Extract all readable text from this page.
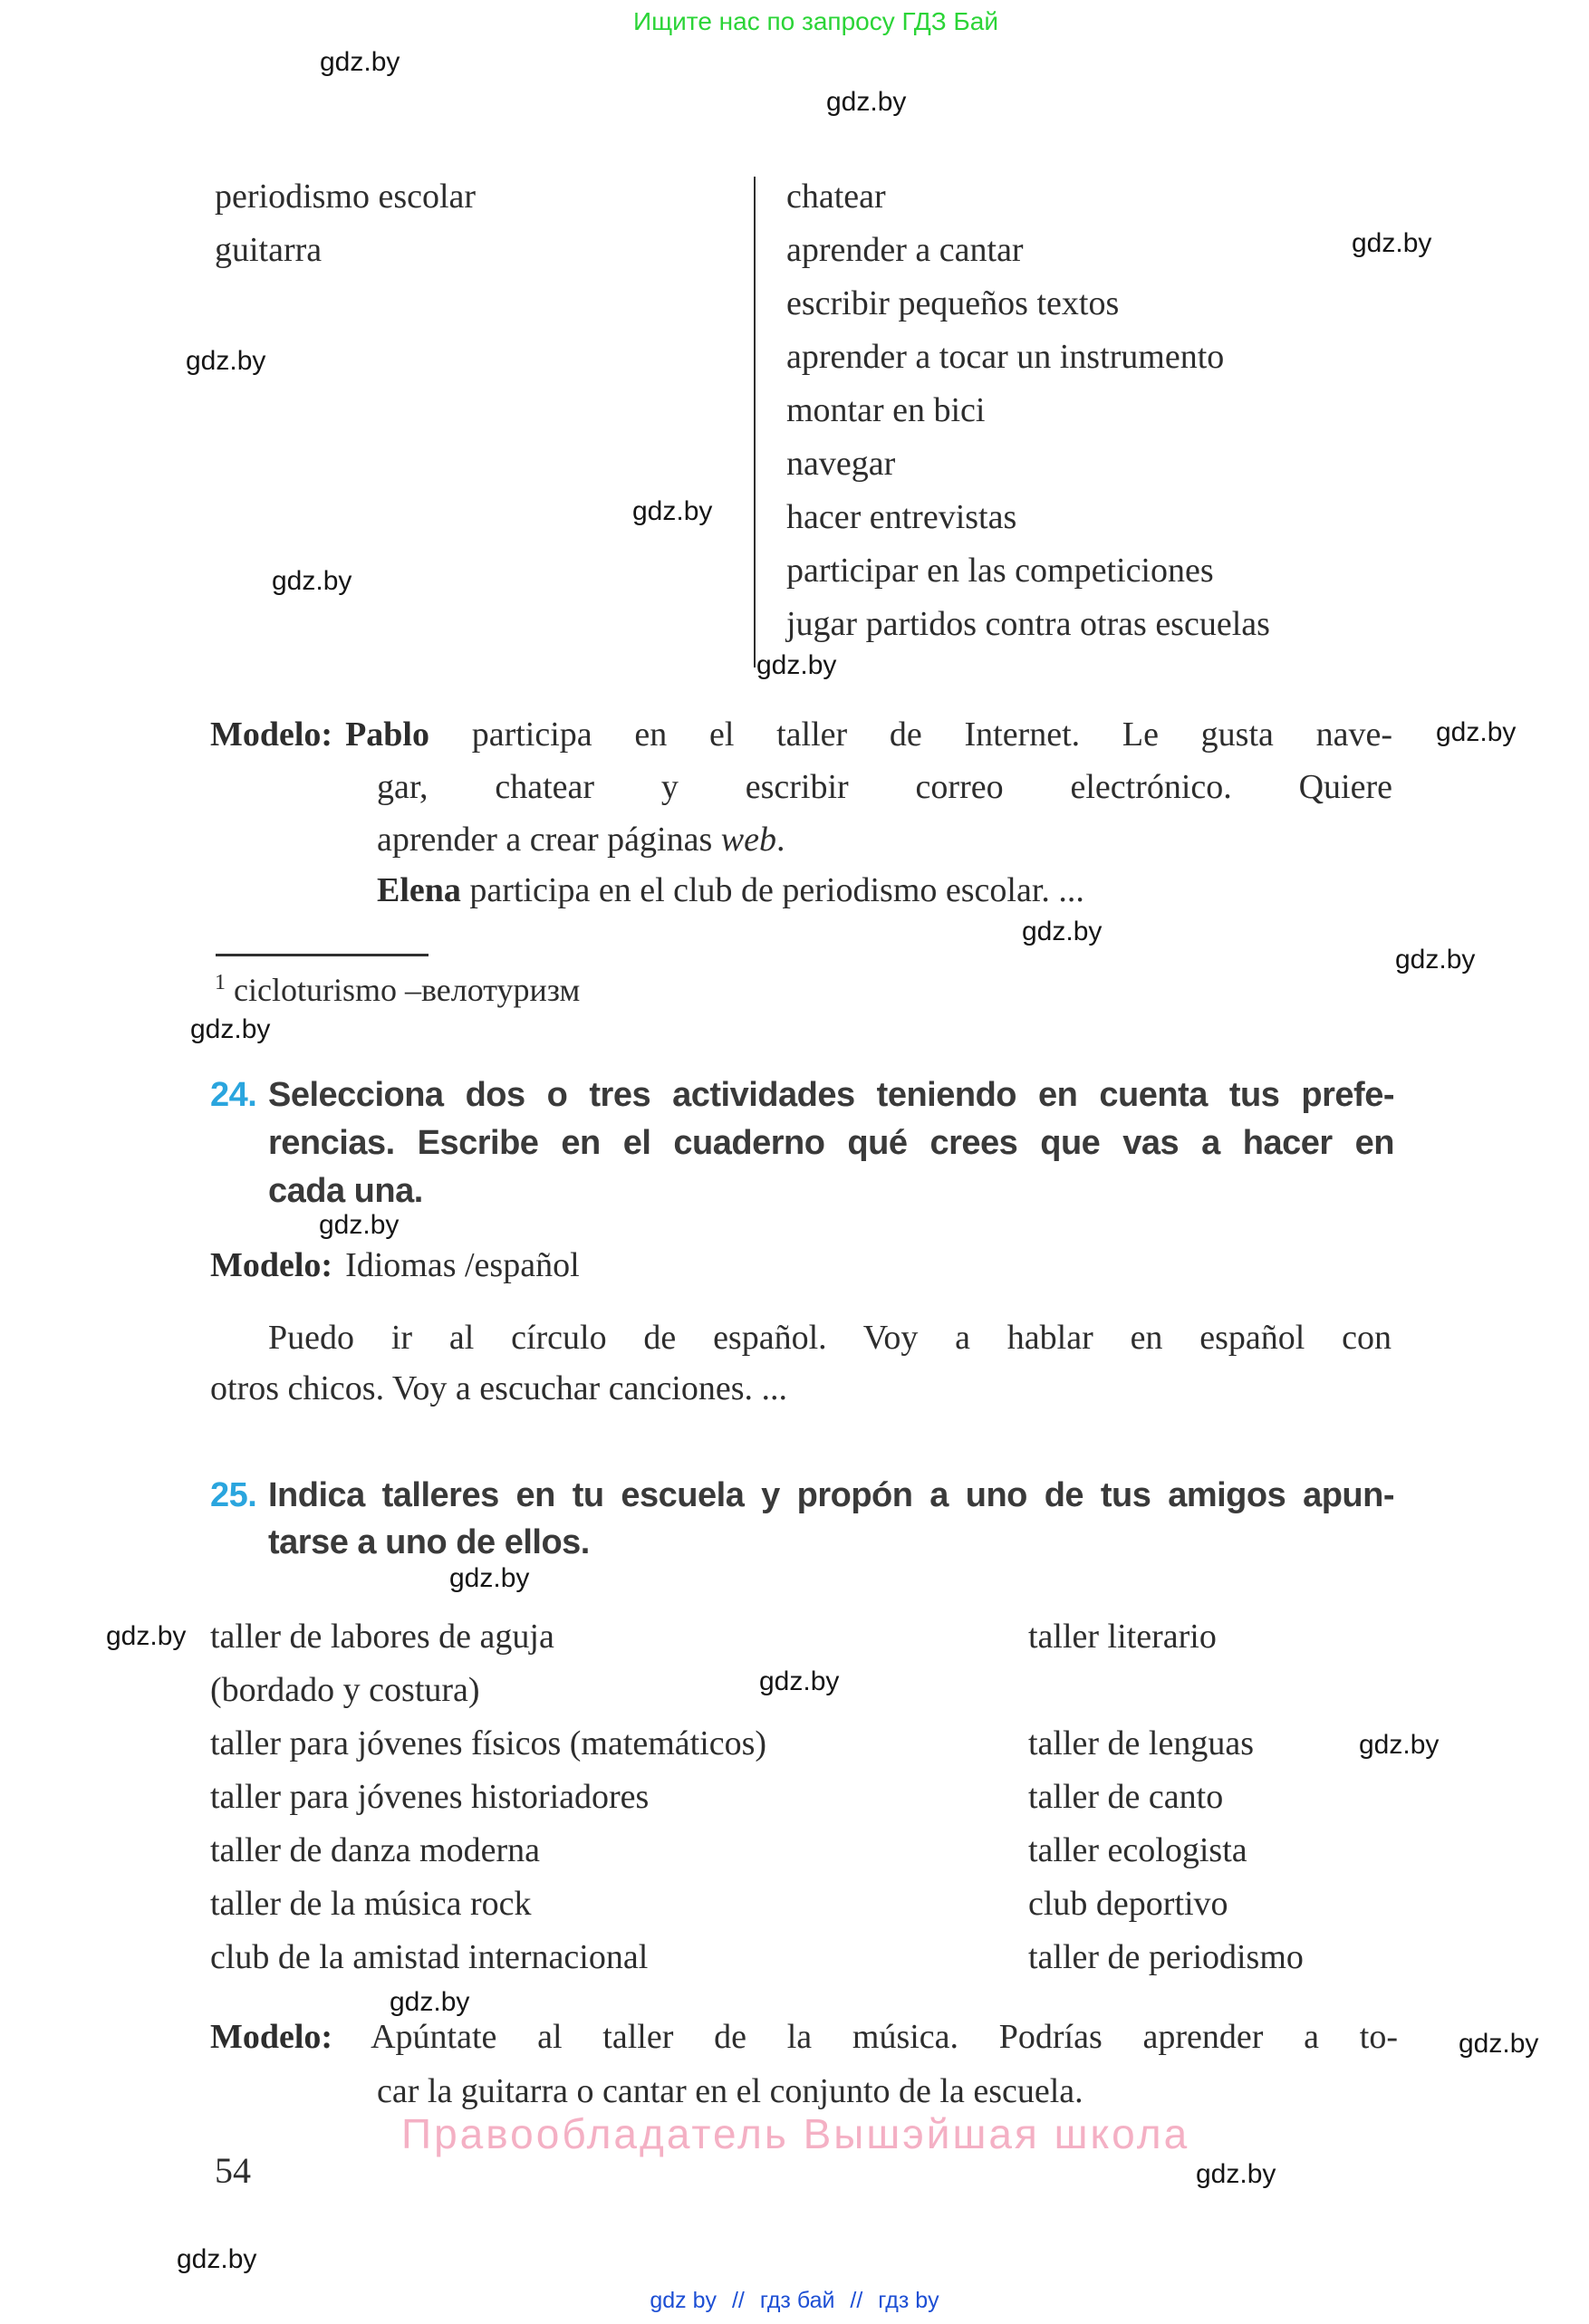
Ищите нас по запросу ГДЗ Бай
gdz.by
gdz.by
gdz.by
gdz.by
gdz.by
gdz.by
gdz.by
gdz.by
gdz.by
gdz.by
gdz.by
gdz.by
gdz.by
gdz.by
gdz.by
gdz.by
gdz.by
gdz.by
gdz.by
gdz.by
periodismo escolar
guitarra
chatear
aprender a cantar
escribir pequeños textos
aprender a tocar un instrumento
montar en bici
navegar
hacer entrevistas
participar en las competiciones
jugar partidos contra otras escuelas
Modelo: Pablo participa en el taller de Internet. Le gusta nave-
gar, chatear y escribir correo electrónico. Quiere
aprender a crear páginas web.
Elena participa en el club de periodismo escolar. ...
$^1$ cicloturismo –велотуризм
24. Selecciona dos o tres actividades teniendo en cuenta tus prefe-
rencias. Escribe en el cuaderno qué crees que vas a hacer en
cada una.
Modelo: Idiomas /español
Puedo ir al círculo de español. Voy a hablar en español con
otros chicos. Voy a escuchar canciones. ...
25. Indica talleres en tu escuela y propón a uno de tus amigos apun-
tarse a uno de ellos.
taller de labores de aguja
(bordado y costura)
taller para jóvenes físicos (matemáticos)
taller para jóvenes historiadores
taller de danza moderna
taller de la música rock
club de la amistad internacional
taller literario
taller de lenguas
taller de canto
taller ecologista
club deportivo
taller de periodismo
Modelo: Apúntate al taller de la música. Podrías aprender a to-
car la guitarra o cantar en el conjunto de la escuela.
Правообладатель Вышэйшая школа
54
gdz by // гдз бай // гдз by
